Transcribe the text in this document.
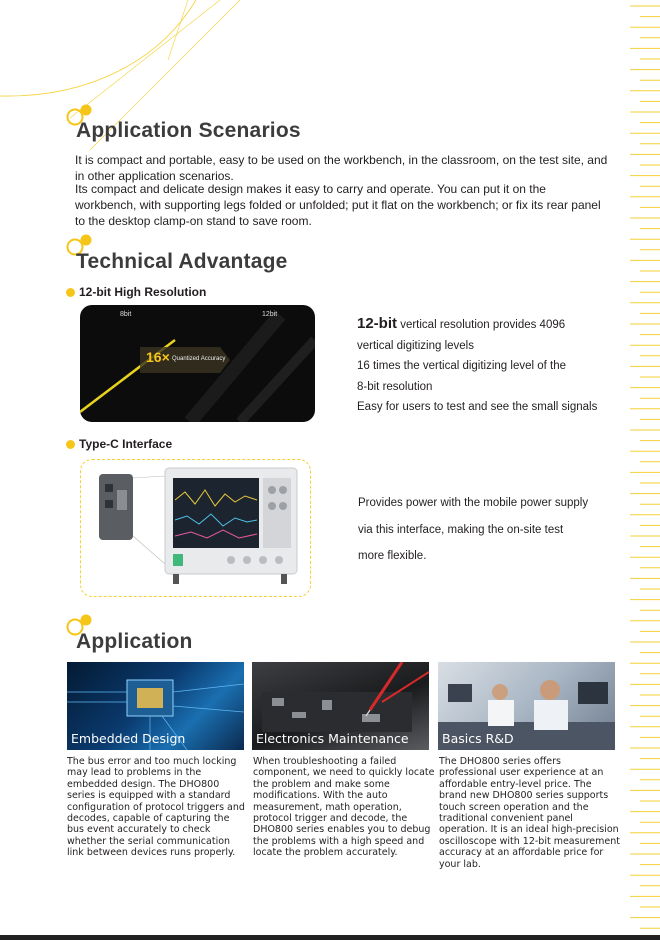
Application Scenarios

It is compact and portable, easy to be used on the workbench, in the classroom, on the test site, and in other application scenarios.

Its compact and delicate design makes it easy to carry and operate. You can put it on the workbench, with supporting legs folded or unfolded; put it flat on the workbench; or fix its rear panel to the desktop clamp-on stand to save room.

Technical Advantage
12-bit High Resolution
8bit	12bit
16× Quantized Accuracy
12-bit vertical resolution provides 4096
vertical digitizing levels
16 times the vertical digitizing level of the
8-bit resolution
Easy for users to test and see the small signals
Type-C Interface
Provides power with the mobile power supply
via this interface, making the on-site test
more flexible.
Application
Embedded Design

The bus error and too much locking may lead to problems in the embedded design. The DHO800 series is equipped with a standard configuration of protocol triggers and decodes, capable of capturing the bus event accurately to check whether the serial communication link between devices runs properly.

Electronics Maintenance

When troubleshooting a failed component, we need to quickly locate the problem and make some modifications. With the auto measurement, math operation, protocol trigger and decode, the DHO800 series enables you to debug the problems with a high speed and locate the problem accurately.

Basics R&D

The DHO800 series offers professional user experience at an affordable entry-level price. The brand new DHO800 series supports touch screen operation and the traditional convenient panel operation. It is an ideal high-precision oscilloscope with 12-bit measurement accuracy at an affordable price for your lab.
